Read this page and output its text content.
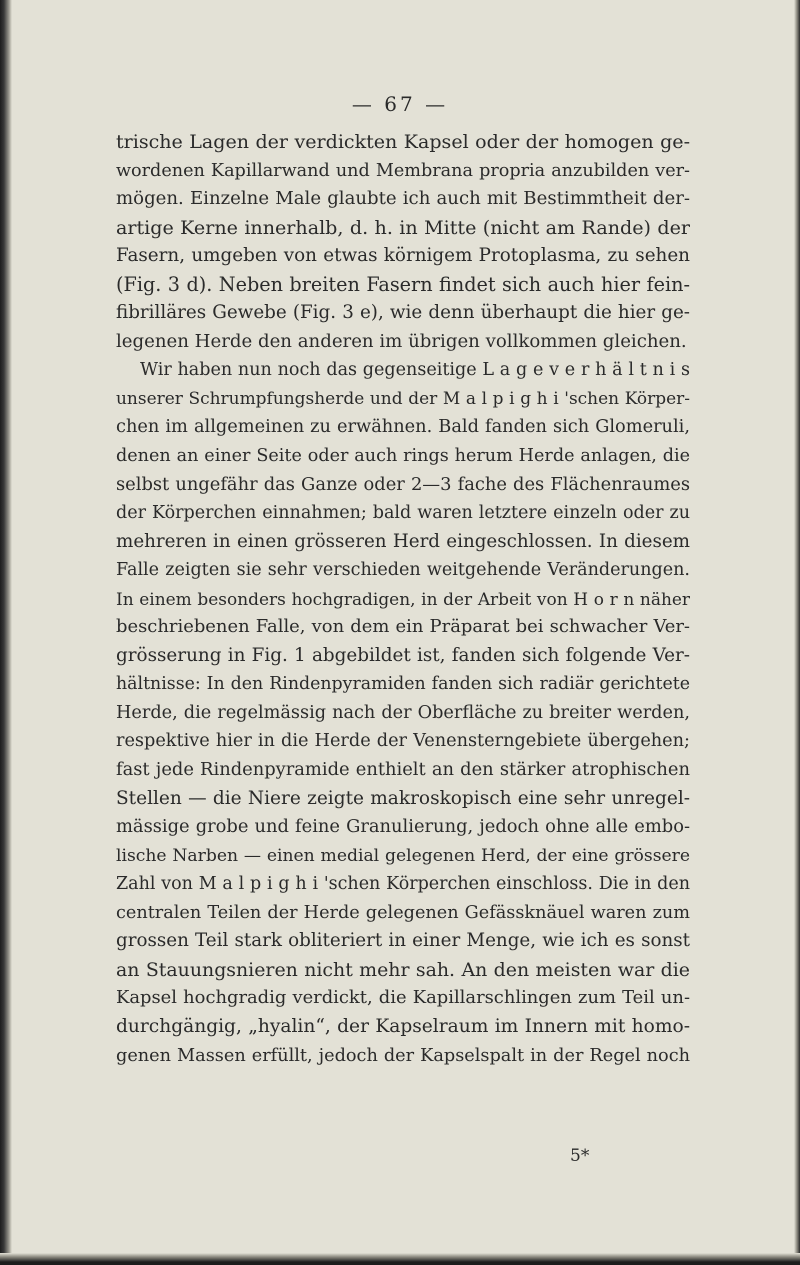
— 67 —
trische Lagen der verdickten Kapsel oder der homogen ge-
wordenen Kapillarwand und Membrana propria anzubilden ver-
mögen. Einzelne Male glaubte ich auch mit Bestimmtheit der-
artige Kerne innerhalb, d. h. in Mitte (nicht am Rande) der
Fasern, umgeben von etwas körnigem Protoplasma, zu sehen
(Fig. 3 d). Neben breiten Fasern findet sich auch hier fein-
fibrilläres Gewebe (Fig. 3 e), wie denn überhaupt die hier ge-
legenen Herde den anderen im übrigen vollkommen gleichen.
Wir haben nun noch das gegenseitige L a g e v e r h ä l t n i s
unserer Schrumpfungsherde und der M a l p i g h i 'schen Körper-
chen im allgemeinen zu erwähnen. Bald fanden sich Glomeruli,
denen an einer Seite oder auch rings herum Herde anlagen, die
selbst ungefähr das Ganze oder 2—3 fache des Flächenraumes
der Körperchen einnahmen; bald waren letztere einzeln oder zu
mehreren in einen grösseren Herd eingeschlossen. In diesem
Falle zeigten sie sehr verschieden weitgehende Veränderungen.
In einem besonders hochgradigen, in der Arbeit von H o r n näher
beschriebenen Falle, von dem ein Präparat bei schwacher Ver-
grösserung in Fig. 1 abgebildet ist, fanden sich folgende Ver-
hältnisse: In den Rindenpyramiden fanden sich radiär gerichtete
Herde, die regelmässig nach der Oberfläche zu breiter werden,
respektive hier in die Herde der Venensterngebiete übergehen;
fast jede Rindenpyramide enthielt an den stärker atrophischen
Stellen — die Niere zeigte makroskopisch eine sehr unregel-
mässige grobe und feine Granulierung, jedoch ohne alle embo-
lische Narben — einen medial gelegenen Herd, der eine grössere
Zahl von M a l p i g h i 'schen Körperchen einschloss. Die in den
centralen Teilen der Herde gelegenen Gefässknäuel waren zum
grossen Teil stark obliteriert in einer Menge, wie ich es sonst
an Stauungsnieren nicht mehr sah. An den meisten war die
Kapsel hochgradig verdickt, die Kapillarschlingen zum Teil un-
durchgängig, „hyalin“, der Kapselraum im Innern mit homo-
genen Massen erfüllt, jedoch der Kapselspalt in der Regel noch
5*
